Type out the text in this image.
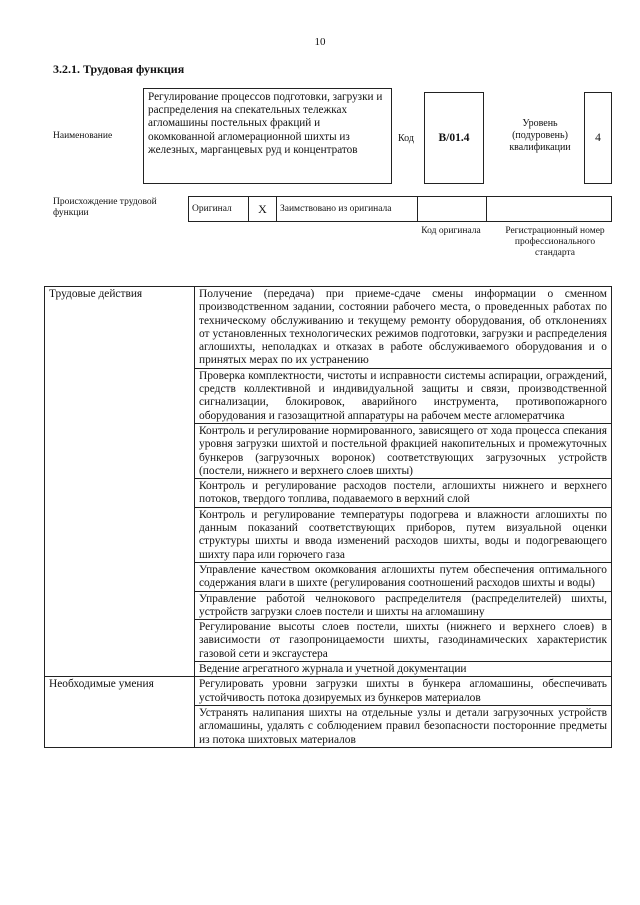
10
3.2.1. Трудовая функция
Наименование
Регулирование процессов подготовки, загрузки и распределения на спекательных тележках агломашины постельных фракций и окомкованной агломерационной шихты из железных, марганцевых руд и концентратов
Код	B/01.4
Уровень (подуровень) квалификации
4
Происхождение трудовой функции	Оригинал	X	Заимствовано из оригинала
Код оригинала	Регистрационный номер профессионального стандарта
Трудовые действия	Получение (передача) при приеме-сдаче смены информации о сменном производственном задании, состоянии рабочего места, о проведенных работах по техническому обслуживанию и текущему ремонту оборудования, об отклонениях от установленных технологических режимов подготовки, загрузки и распределения аглошихты, неполадках и отказах в работе обслуживаемого оборудования и о принятых мерах по их устранению
	Проверка комплектности, чистоты и исправности системы аспирации, ограждений, средств коллективной и индивидуальной защиты и связи, производственной сигнализации, блокировок, аварийного инструмента, противопожарного оборудования и газозащитной аппаратуры на рабочем месте агломератчика
	Контроль и регулирование нормированного, зависящего от хода процесса спекания уровня загрузки шихтой и постельной фракцией накопительных и промежуточных бункеров (загрузочных воронок) соответствующих загрузочных устройств (постели, нижнего и верхнего слоев шихты)
	Контроль и регулирование расходов постели, аглошихты нижнего и верхнего потоков, твердого топлива, подаваемого в верхний слой
	Контроль и регулирование температуры подогрева и влажности аглошихты по данным показаний соответствующих приборов, путем визуальной оценки структуры шихты и ввода изменений расходов шихты, воды и подогревающего шихту пара или горючего газа
	Управление качеством окомкования аглошихты путем обеспечения оптимального содержания влаги в шихте (регулирования соотношений расходов шихты и воды)
	Управление работой челнокового распределителя (распределителей) шихты, устройств загрузки слоев постели и шихты на агломашину
	Регулирование высоты слоев постели, шихты (нижнего и верхнего слоев) в зависимости от газопроницаемости шихты, газодинамических характеристик газовой сети и эксгаустера
	Ведение агрегатного журнала и учетной документации
Необходимые умения	Регулировать уровни загрузки шихты в бункера агломашины, обеспечивать устойчивость потока дозируемых из бункеров материалов
	Устранять налипания шихты на отдельные узлы и детали загрузочных устройств агломашины, удалять с соблюдением правил безопасности посторонние предметы из потока шихтовых материалов
